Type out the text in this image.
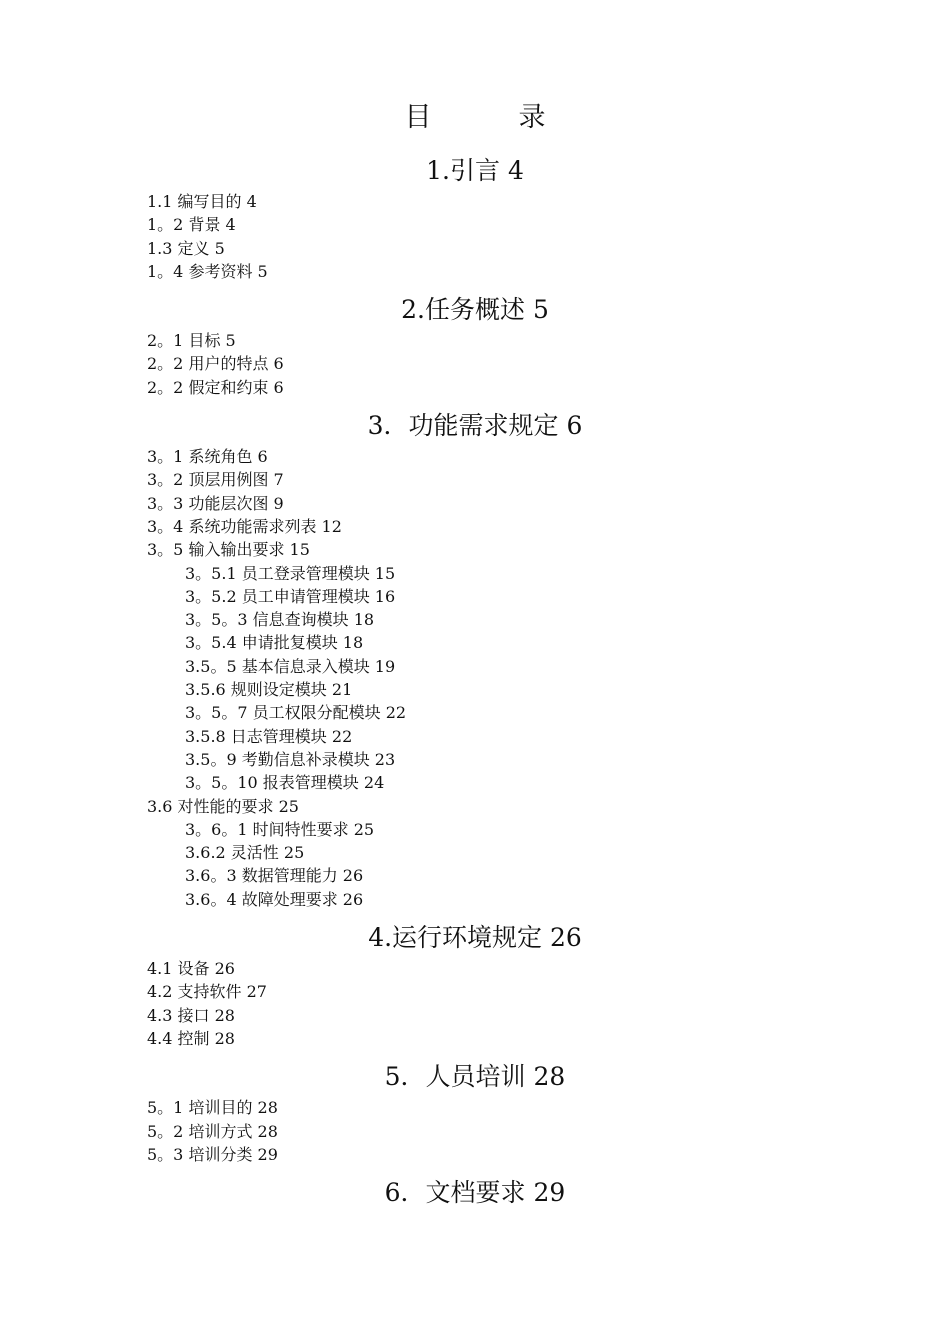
目　录
1.引言 4
1.1 编写目的 4
1。2 背景 4
1.3 定义 5
1。4 参考资料 5
2.任务概述 5
2。1 目标 5
2。2 用户的特点 6
2。2 假定和约束 6
3．功能需求规定 6
3。1 系统角色 6
3。2 顶层用例图 7
3。3 功能层次图 9
3。4 系统功能需求列表 12
3。5 输入输出要求 15
3。5.1 员工登录管理模块 15
3。5.2 员工申请管理模块 16
3。5。3 信息查询模块 18
3。5.4 申请批复模块 18
3.5。5 基本信息录入模块 19
3.5.6 规则设定模块 21
3。5。7 员工权限分配模块 22
3.5.8 日志管理模块 22
3.5。9 考勤信息补录模块 23
3。5。10 报表管理模块 24
3.6 对性能的要求 25
3。6。1 时间特性要求 25
3.6.2 灵活性 25
3.6。3 数据管理能力 26
3.6。4 故障处理要求 26
4.运行环境规定 26
4.1 设备 26
4.2 支持软件 27
4.3 接口 28
4.4 控制 28
5．人员培训 28
5。1 培训目的 28
5。2 培训方式 28
5。3 培训分类 29
6．文档要求 29
